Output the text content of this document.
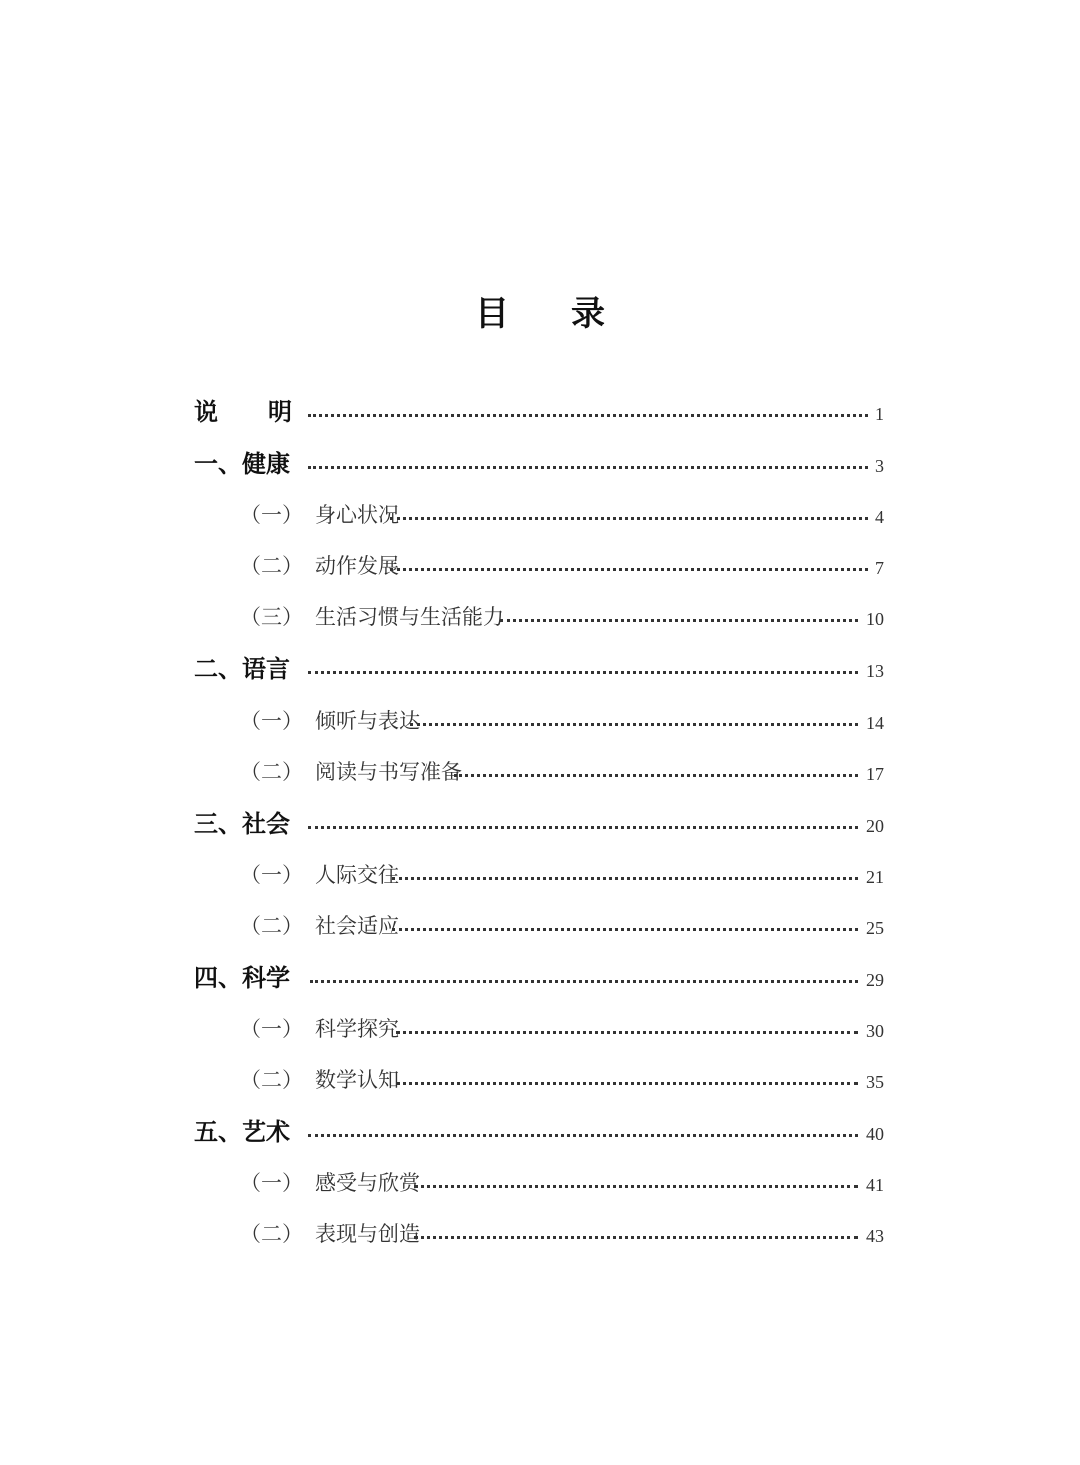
目 录
说 明	1
一、健康	3
（一） 身心状况	4
（二） 动作发展	7
（三） 生活习惯与生活能力	10
二、语言	13
（一） 倾听与表达	14
（二） 阅读与书写准备	17
三、社会	20
（一） 人际交往	21
（二） 社会适应	25
四、科学	29
（一） 科学探究	30
（二） 数学认知	35
五、艺术	40
（一） 感受与欣赏	41
（二） 表现与创造	43
